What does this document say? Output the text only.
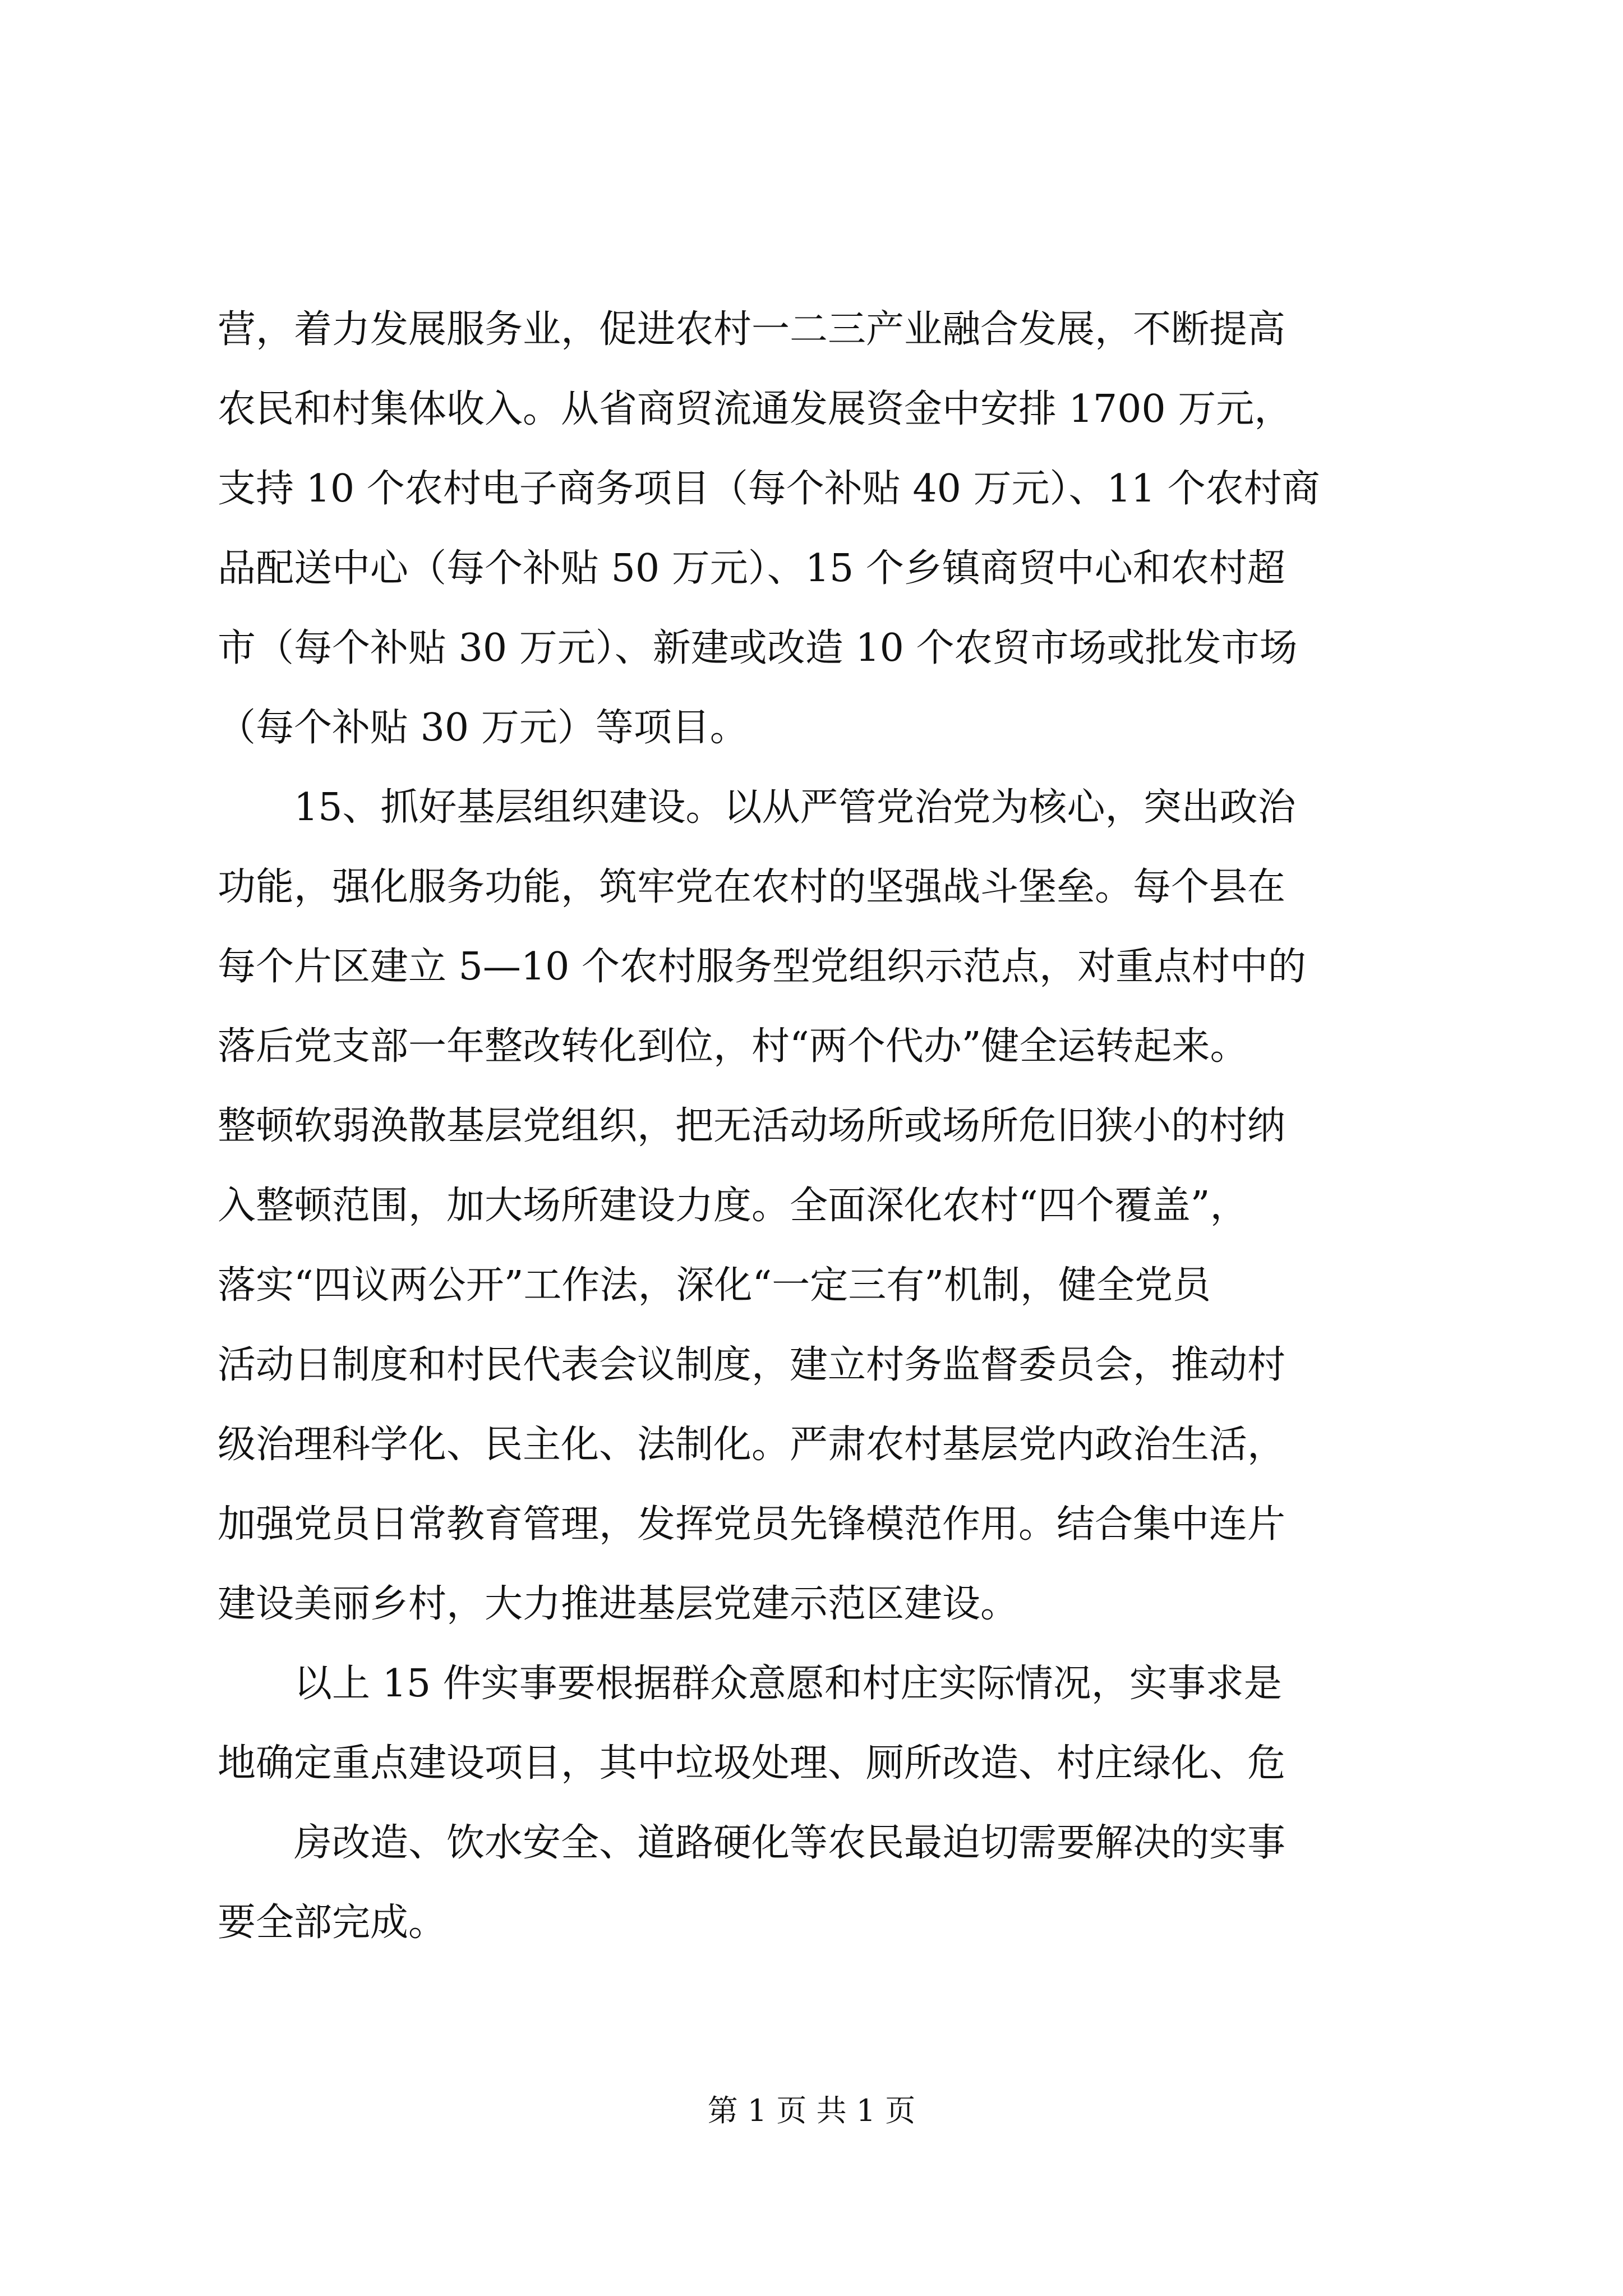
营，着力发展服务业，促进农村一二三产业融合发展，不断提高
农民和村集体收入。从省商贸流通发展资金中安排 1700 万元，
支持 10 个农村电子商务项目（每个补贴 40 万元）、11 个农村商
品配送中心（每个补贴 50 万元）、15 个乡镇商贸中心和农村超
市（每个补贴 30 万元）、新建或改造 10 个农贸市场或批发市场
（每个补贴 30 万元）等项目。
15、抓好基层组织建设。以从严管党治党为核心，突出政治
功能，强化服务功能，筑牢党在农村的坚强战斗堡垒。每个县在
每个片区建立 5—10 个农村服务型党组织示范点，对重点村中的
落后党支部一年整改转化到位，村“两个代办”健全运转起来。
整顿软弱涣散基层党组织，把无活动场所或场所危旧狭小的村纳
入整顿范围，加大场所建设力度。全面深化农村“四个覆盖”，
落实“四议两公开”工作法，深化“一定三有”机制，健全党员
活动日制度和村民代表会议制度，建立村务监督委员会，推动村
级治理科学化、民主化、法制化。严肃农村基层党内政治生活，
加强党员日常教育管理，发挥党员先锋模范作用。结合集中连片
建设美丽乡村，大力推进基层党建示范区建设。
以上 15 件实事要根据群众意愿和村庄实际情况，实事求是
地确定重点建设项目，其中垃圾处理、厕所改造、村庄绿化、危
房改造、饮水安全、道路硬化等农民最迫切需要解决的实事
要全部完成。
第 1 页 共 1 页
